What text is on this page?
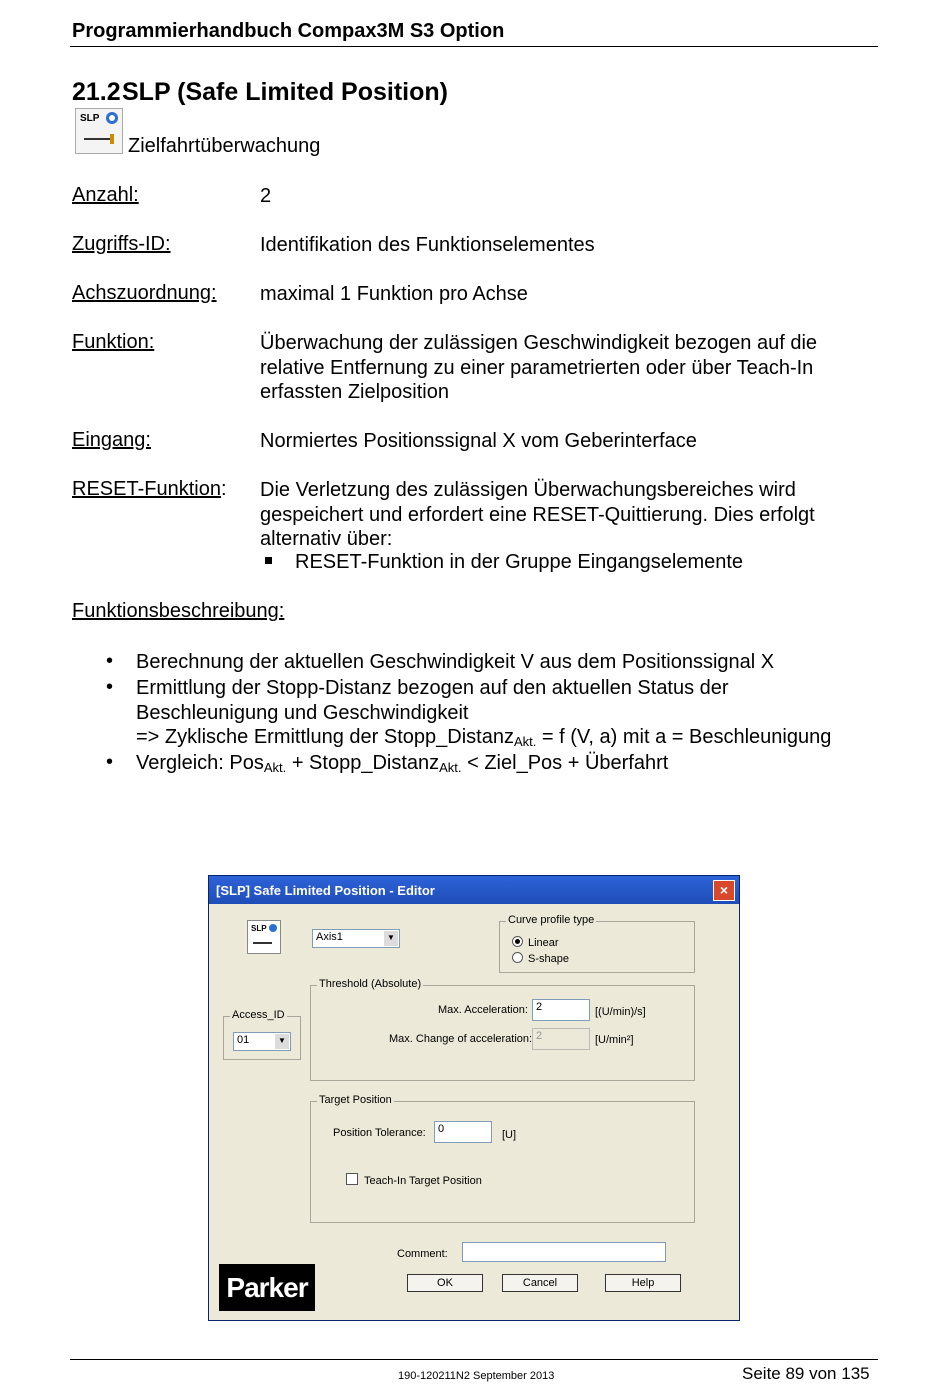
Programmierhandbuch Compax3M S3 Option
21.2SLP (Safe Limited Position)
SLP
Zielfahrtüberwachung
Anzahl:	2
Zugriffs-ID:	Identifikation des Funktionselementes
Achszuordnung: maximal 1 Funktion pro Achse
Funktion:	Überwachung der zulässigen Geschwindigkeit bezogen auf die
relative Entfernung zu einer parametrierten oder über Teach-In
erfassten Zielposition
Eingang:	Normiertes Positionssignal X vom Geberinterface
RESET-Funktion: Die Verletzung des zulässigen Überwachungsbereiches wird
gespeichert und erfordert eine RESET-Quittierung. Dies erfolgt
alternativ über:
RESET-Funktion in der Gruppe Eingangselemente
Funktionsbeschreibung:
• Berechnung der aktuellen Geschwindigkeit V aus dem Positionssignal X
• Ermittlung der Stopp-Distanz bezogen auf den aktuellen Status der
Beschleunigung und Geschwindigkeit
=> Zyklische Ermittlung der Stopp_Distanz$_{Akt.}$ = f (V, a) mit a = Beschleunigung
• Vergleich: Pos$_{Akt.}$ + Stopp_Distanz$_{Akt.}$ < Ziel_Pos + Überfahrt
[SLP] Safe Limited Position - Editor	×
SLP
Axis1	▼
Curve profile type
Linear
S-shape
Threshold (Absolute)
Max. Acceleration: 2	[(U/min)/s]
Max. Change of acceleration: 2	[U/min²]
Access_ID
01	▼
Target Position
Position Tolerance:	0	[U]
Teach-In Target Position
Comment:
OK	Cancel	Help
Parker
190-120211N2 September 2013	Seite 89 von 135
